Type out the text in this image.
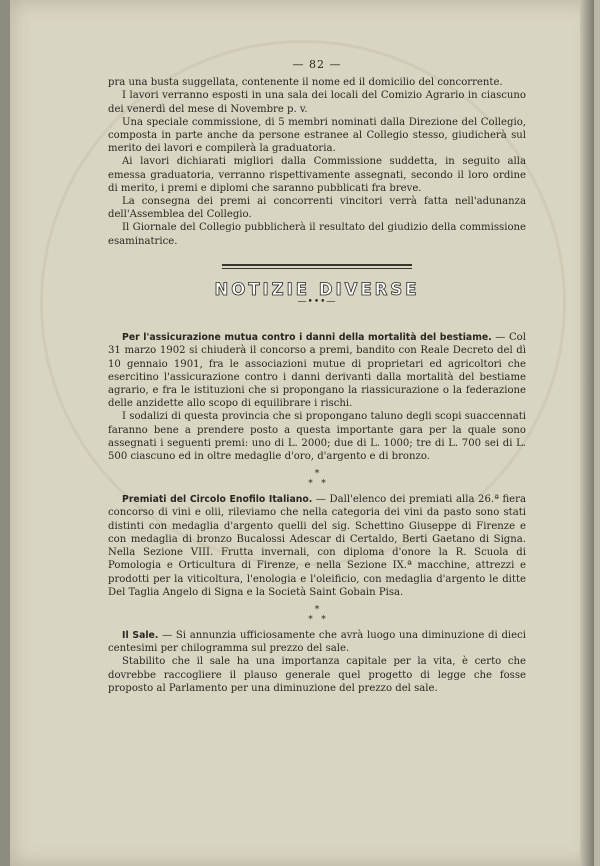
— 82 —

pra una busta suggellata, contenente il nome ed il domicilio del concorrente.

I lavori verranno esposti in una sala dei locali del Comizio Agrario in ciascuno dei venerdì del mese di Novembre p. v.

Una speciale commissione, di 5 membri nominati dalla Direzione del Collegio, composta in parte anche da persone estranee al Collegio stesso, giudicherà sul merito dei lavori e compilerà la graduatoria.

Ai lavori dichiarati migliori dalla Commissione suddetta, in seguito alla emessa graduatoria, verranno rispettivamente assegnati, secondo il loro ordine di merito, i premi e diplomi che saranno pubblicati fra breve.

La consegna dei premi ai concorrenti vincitori verrà fatta nell'adunanza dell'Assemblea del Collegio.

Il Giornale del Collegio pubblicherà il resultato del giudizio della commissione esaminatrice.

NOTIZIE DIVERSE
—•••—

Per l'assicurazione mutua contro i danni della mortalità del bestiame. — Col 31 marzo 1902 si chiuderà il concorso a premi, bandito con Reale Decreto del dì 10 gennaio 1901, fra le associazioni mutue di proprietari ed agricoltori che esercitino l'assicurazione contro i danni derivanti dalla mortalità del bestiame agrario, e fra le istituzioni che si propongano la riassicurazione o la federazione delle anzidette allo scopo di equilibrare i rischi.

I sodalizi di questa provincia che si propongano taluno degli scopi suaccennati faranno bene a prendere posto a questa importante gara per la quale sono assegnati i seguenti premi: uno di L. 2000; due di L. 1000; tre di L. 700 sei di L. 500 ciascuno ed in oltre medaglie d'oro, d'argento e di bronzo.

*
*   *

Premiati del Circolo Enofilo Italiano. — Dall'elenco dei premiati alla 26.ª fiera concorso di vini e olii, rileviamo che nella categoria dei vini da pasto sono stati distinti con medaglia d'argento quelli del sig. Schettino Giuseppe di Firenze e con medaglia di bronzo Bucalossi Adescar di Certaldo, Berti Gaetano di Signa. Nella Sezione VIII. Frutta invernali, con diploma d'onore la R. Scuola di Pomologia e Orticultura di Firenze, e nella Sezione IX.ª macchine, attrezzi e prodotti per la viticoltura, l'enologia e l'oleificio, con medaglia d'argento le ditte Del Taglia Angelo di Signa e la Società Saint Gobain Pisa.

*
*   *

Il Sale. — Si annunzia ufficiosamente che avrà luogo una diminuzione di dieci centesimi per chilogramma sul prezzo del sale.

Stabilito che il sale ha una importanza capitale per la vita, è certo che dovrebbe raccogliere il plauso generale quel progetto di legge che fosse proposto al Parlamento per una diminuzione del prezzo del sale.
